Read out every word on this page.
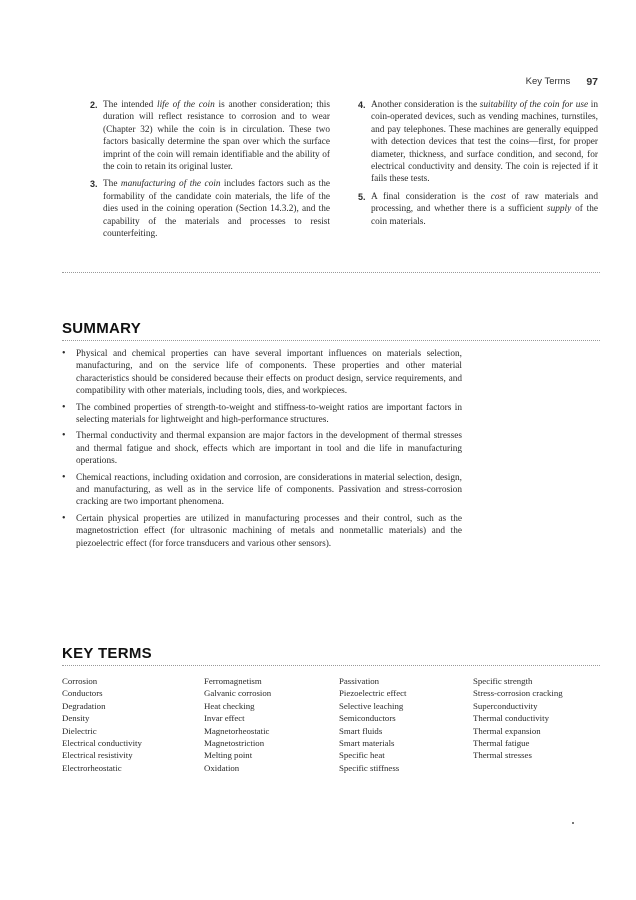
Key Terms 97
2. The intended life of the coin is another consideration; this duration will reflect resistance to corrosion and to wear (Chapter 32) while the coin is in circulation. These two factors basically determine the span over which the surface imprint of the coin will remain identifiable and the ability of the coin to retain its original luster.
3. The manufacturing of the coin includes factors such as the formability of the candidate coin materials, the life of the dies used in the coining operation (Section 14.3.2), and the capability of the materials and processes to resist counterfeiting.
4. Another consideration is the suitability of the coin for use in coin-operated devices, such as vending machines, turnstiles, and pay telephones. These machines are generally equipped with detection devices that test the coins—first, for proper diameter, thickness, and surface condition, and second, for electrical conductivity and density. The coin is rejected if it fails these tests.
5. A final consideration is the cost of raw materials and processing, and whether there is a sufficient supply of the coin materials.
SUMMARY
• Physical and chemical properties can have several important influences on materials selection, manufacturing, and on the service life of components. These properties and other material characteristics should be considered because their effects on product design, service requirements, and compatibility with other materials, including tools, dies, and workpieces.
• The combined properties of strength-to-weight and stiffness-to-weight ratios are important factors in selecting materials for lightweight and high-performance structures.
• Thermal conductivity and thermal expansion are major factors in the development of thermal stresses and thermal fatigue and shock, effects which are important in tool and die life in manufacturing operations.
• Chemical reactions, including oxidation and corrosion, are considerations in material selection, design, and manufacturing, as well as in the service life of components. Passivation and stress-corrosion cracking are two important phenomena.
• Certain physical properties are utilized in manufacturing processes and their control, such as the magnetostriction effect (for ultrasonic machining of metals and nonmetallic materials) and the piezoelectric effect (for force transducers and various other sensors).
KEY TERMS
Corrosion
Conductors
Degradation
Density
Dielectric
Electrical conductivity
Electrical resistivity
Electrorheostatic
Ferromagnetism
Galvanic corrosion
Heat checking
Invar effect
Magnetorheostatic
Magnetostriction
Melting point
Oxidation
Passivation
Piezoelectric effect
Selective leaching
Semiconductors
Smart fluids
Smart materials
Specific heat
Specific stiffness
Specific strength
Stress-corrosion cracking
Superconductivity
Thermal conductivity
Thermal expansion
Thermal fatigue
Thermal stresses
